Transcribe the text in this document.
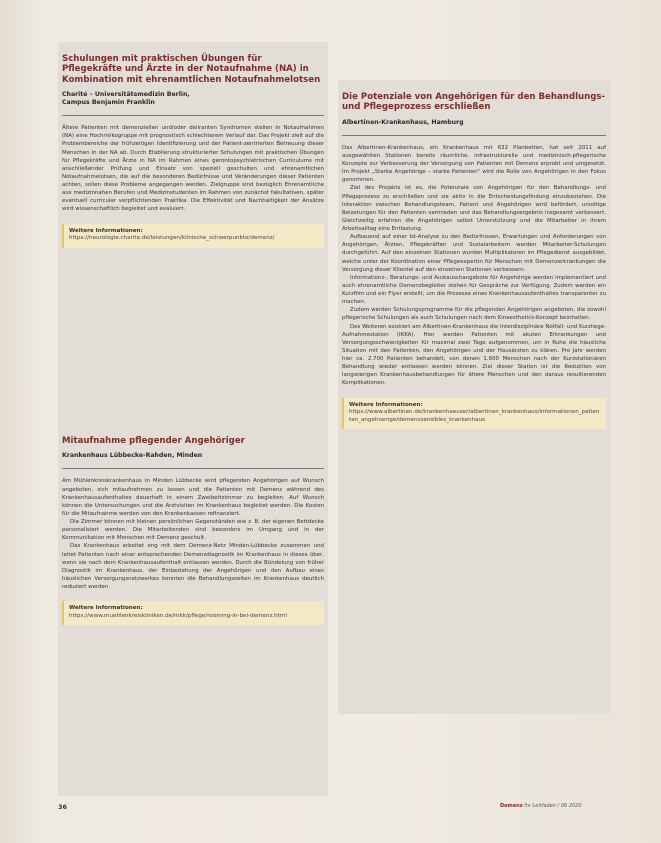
Schulungen mit praktischen Übungen für Pflegekräfte und Ärzte in der Notaufnahme (NA) in Kombination mit ehrenamtlichen Notaufnahmelotsen
Charité – Universitätsmedizin Berlin,
Campus Benjamin Franklin

Ältere Patienten mit demenziellen und/oder deliranten Syndromen stellen in Notaufnahmen (NA) eine Hochrisikogruppe mit prognostisch schlechterem Verlauf dar. Das Projekt zielt auf die Problembereiche der frühzeitigen Identifizierung und der Patient-zentrierten Betreuung dieser Menschen in der NA ab. Durch Etablierung strukturierter Schulungen mit praktischen Übungen für Pflegekräfte und Ärzte in NA im Rahmen eines gerontopsychiatrischen Curriculums mit anschließender Prüfung und Einsatz von speziell geschulten und ehrenamtlichen Notaufnahmelotsen, die auf die besonderen Bedürfnisse und Veränderungen dieser Patienten achten, sollen diese Probleme angegangen werden. Zielgruppe sind bezüglich Ehrenamtliche aus medizinnahen Berufen und Medizinstudenten im Rahmen von zunächst fakultativen, später eventuell curricular verpflichtenden Praktika. Die Effektivität und Nachhaltigkeit der Ansätze wird wissenschaftlich begleitet und evaluiert.

Weitere Informationen:
https://neurologie.charite.de/leistungen/klinische_schwerpunkte/demenz/
Mitaufnahme pflegender Angehöriger
Krankenhaus Lübbecke-Rahden, Minden

Am Mühlenkreiskrankenhaus in Minden Lübbecke wird pflegenden Angehörigen auf Wunsch angeboten, sich mitaufnehmen zu lassen und die Patienten mit Demenz während des Krankenhausaufenthaltes dauerhaft in einem Zweibettzimmer zu begleiten. Auf Wunsch können die Untersuchungen und die Arztvisiten im Krankenhaus begleitet werden. Die Kosten für die Mitaufnahme werden von den Krankenkassen refinanziert.

Die Zimmer können mit kleinen persönlichen Gegenständen wie z. B. der eigenen Bettdecke personalisiert werden. Die Mitarbeitenden sind besonders im Umgang und in der Kommunikation mit Menschen mit Demenz geschult.

Das Krankenhaus arbeitet eng mit dem Demenz-Netz Minden-Lübbecke zusammen und leitet Patienten nach einer entsprechenden Demenzdiagnostik im Krankenhaus in dieses über, wenn sie nach dem Krankenhausaufenthalt entlassen werden. Durch die Bündelung von früher Diagnostik im Krankenhaus, der Einbeziehung der Angehörigen und den Aufbau eines häuslichen Versorgungsnetzwerkes konnten die Behandlungszeiten im Krankenhaus deutlich reduziert werden.

Weitere Informationen:
https://www.muehlenkreiskliniken.de/mkk/pflege/rooming-in-bei-demenz.html
Die Potenziale von Angehörigen für den Behandlungs- und Pflegeprozess erschließen
Albertinen-Krankenhaus, Hamburg

Das Albertinen-Krankenhaus, ein Krankenhaus mit 632 Planbetten, hat seit 2011 auf ausgewählten Stationen bereits räumliche, infrastrukturelle und medizinisch-pflegerische Konzepte zur Verbesserung der Versorgung von Patienten mit Demenz erprobt und umgesetzt. Im Projekt „Starke Angehörige – starke Patienten“ wird die Rolle von Angehörigen in den Fokus genommen.

Ziel des Projekts ist es, die Potenziale von Angehörigen für den Behandlungs- und Pflegeprozess zu erschließen und sie aktiv in die Entscheidungsfindung einzubeziehen. Die Interaktion zwischen Behandlungsteam, Patient und Angehörigen wird befördert, unnötige Belastungen für den Patienten vermieden und das Behandlungsergebnis insgesamt verbessert. Gleichzeitig erfahren die Angehörigen selbst Unterstützung und die Mitarbeiter in ihrem Arbeitsalltag eine Entlastung.

Aufbauend auf einer Ist-Analyse zu den Bedürfnissen, Erwartungen und Anforderungen von Angehörigen, Ärzten, Pflegekräften und Sozialarbeitern werden Mitarbeiter-Schulungen durchgeführt. Auf den einzelnen Stationen wurden Multiplikatoren im Pflegedienst ausgebildet, welche unter der Koordination einer Pflegeexpertin für Menschen mit Demenzerkrankungen die Versorgung dieser Klientel auf den einzelnen Stationen verbessern.

Informations-, Beratungs- und Austauschangebote für Angehörige werden implementiert und auch ehrenamtliche Demenzbegleiter stehen für Gespräche zur Verfügung. Zudem werden ein Kurzfilm und ein Flyer erstellt, um die Prozesse eines Krankenhausaufenthaltes transparenter zu machen.

Zudem werden Schulungsprogramme für die pflegenden Angehörigen angeboten, die sowohl pflegerische Schulungen als auch Schulungen nach dem Kinaesthetics-Konzept beinhalten.

Des Weiteren existiert am Albertinen-Krankenhaus die Interdisziplinäre Notfall- und Kurzliege-Aufnahmestation (IKKA). Hier werden Patienten mit akuten Erkrankungen und Versorgungsschwierigkeiten für maximal zwei Tage aufgenommen, um in Ruhe die häusliche Situation mit den Patienten, den Angehörigen und der Hausärzten zu klären. Pro Jahr werden hier ca. 2.700 Patienten behandelt, von denen 1.600 Menschen nach der Kurzstationären Behandlung wieder entlassen werden können. Ziel dieser Station ist die Reduktion von langwierigen Krankenhausbehandlungen für ältere Menschen und den daraus resultierenden Komplikationen.

Weitere Informationen:
https://www.albertinen.de/krankenhaeuser/albertinen_krankenhaus/informationen_patienten_angehoerige/demenzsensibles_krankenhaus
36	Demenz Ihr Leitfaden / 06 2020
